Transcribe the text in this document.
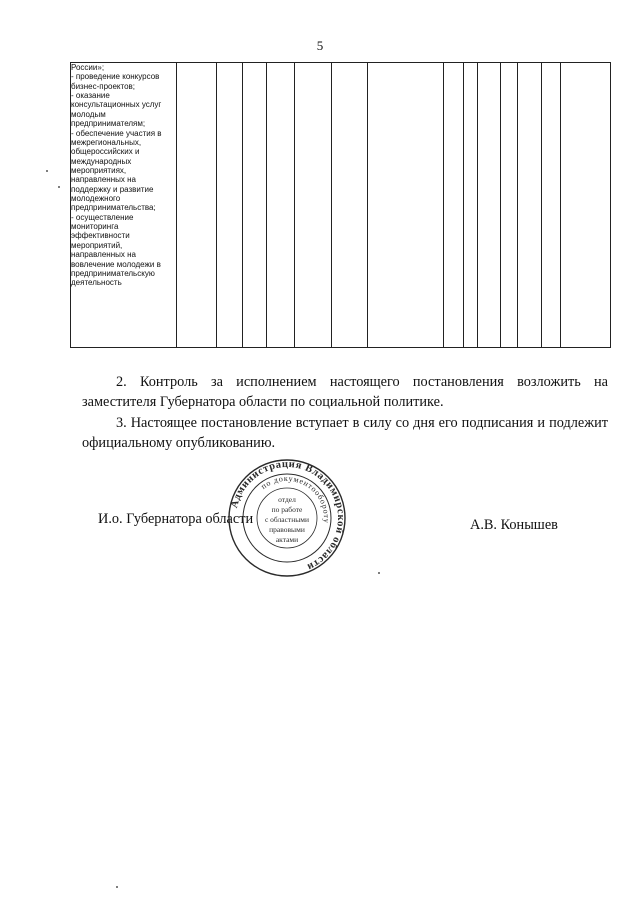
5
России»;
- проведение конкурсов бизнес-проектов;
- оказание консультационных услуг молодым предпринимателям;
- обеспечение участия в межрегиональных, общероссийских и международных мероприятиях, направленных на поддержку и развитие молодежного предпринимательства;
- осуществление мониторинга эффективности мероприятий, направленных на вовлечение молодежи в предпринимательскую деятельность														

2. Контроль за исполнением настоящего постановления возложить на заместителя Губернатора области по социальной политике.

3. Настоящее постановление вступает в силу со дня его подписания и подлежит официальному опубликованию.

И.о. Губернатора области	А.В. Конышев
Администрация Владимирской области
по документообороту
отдел
по работе
с областными
правовыми
актами
